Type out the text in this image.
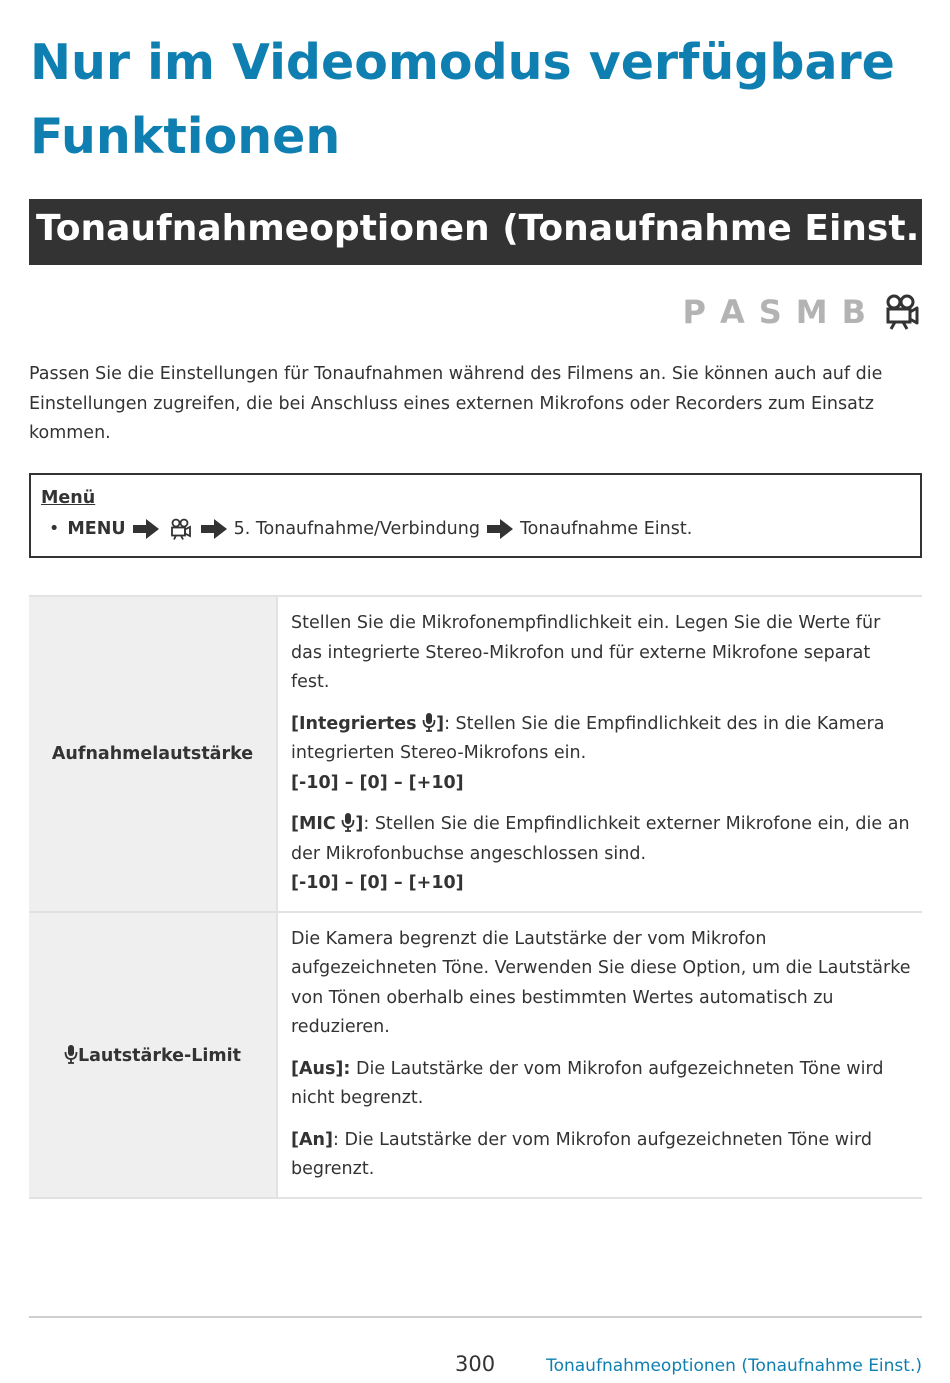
Nur im Videomodus verfügbare Funktionen
Tonaufnahmeoptionen (Tonaufnahme Einst.)
P A S M B
Passen Sie die Einstellungen für Tonaufnahmen während des Filmens an. Sie können auch auf die Einstellungen zugreifen, die bei Anschluss eines externen Mikrofons oder Recorders zum Einsatz kommen.
Menü
• MENU	5. Tonaufnahme/Verbindung Tonaufnahme Einst.
Aufnahmelautstärke	Stellen Sie die Mikrofonempfindlichkeit ein. Legen Sie die Werte für das integrierte Stereo-Mikrofon und für externe Mikrofone separat fest.

[Integriertes ]: Stellen Sie die Empfindlichkeit des in die Kamera integrierten Stereo-Mikrofons ein.
[-10] – [0] – [+10]

[MIC ]: Stellen Sie die Empfindlichkeit externer Mikrofone ein, die an der Mikrofonbuchse angeschlossen sind.
[-10] – [0] – [+10]

Lautstärke-Limit	Die Kamera begrenzt die Lautstärke der vom Mikrofon aufgezeichneten Töne. Verwenden Sie diese Option, um die Lautstärke von Tönen oberhalb eines bestimmten Wertes automatisch zu reduzieren.

[Aus]: Die Lautstärke der vom Mikrofon aufgezeichneten Töne wird nicht begrenzt.

[An]: Die Lautstärke der vom Mikrofon aufgezeichneten Töne wird begrenzt.

300	Tonaufnahmeoptionen (Tonaufnahme Einst.)
